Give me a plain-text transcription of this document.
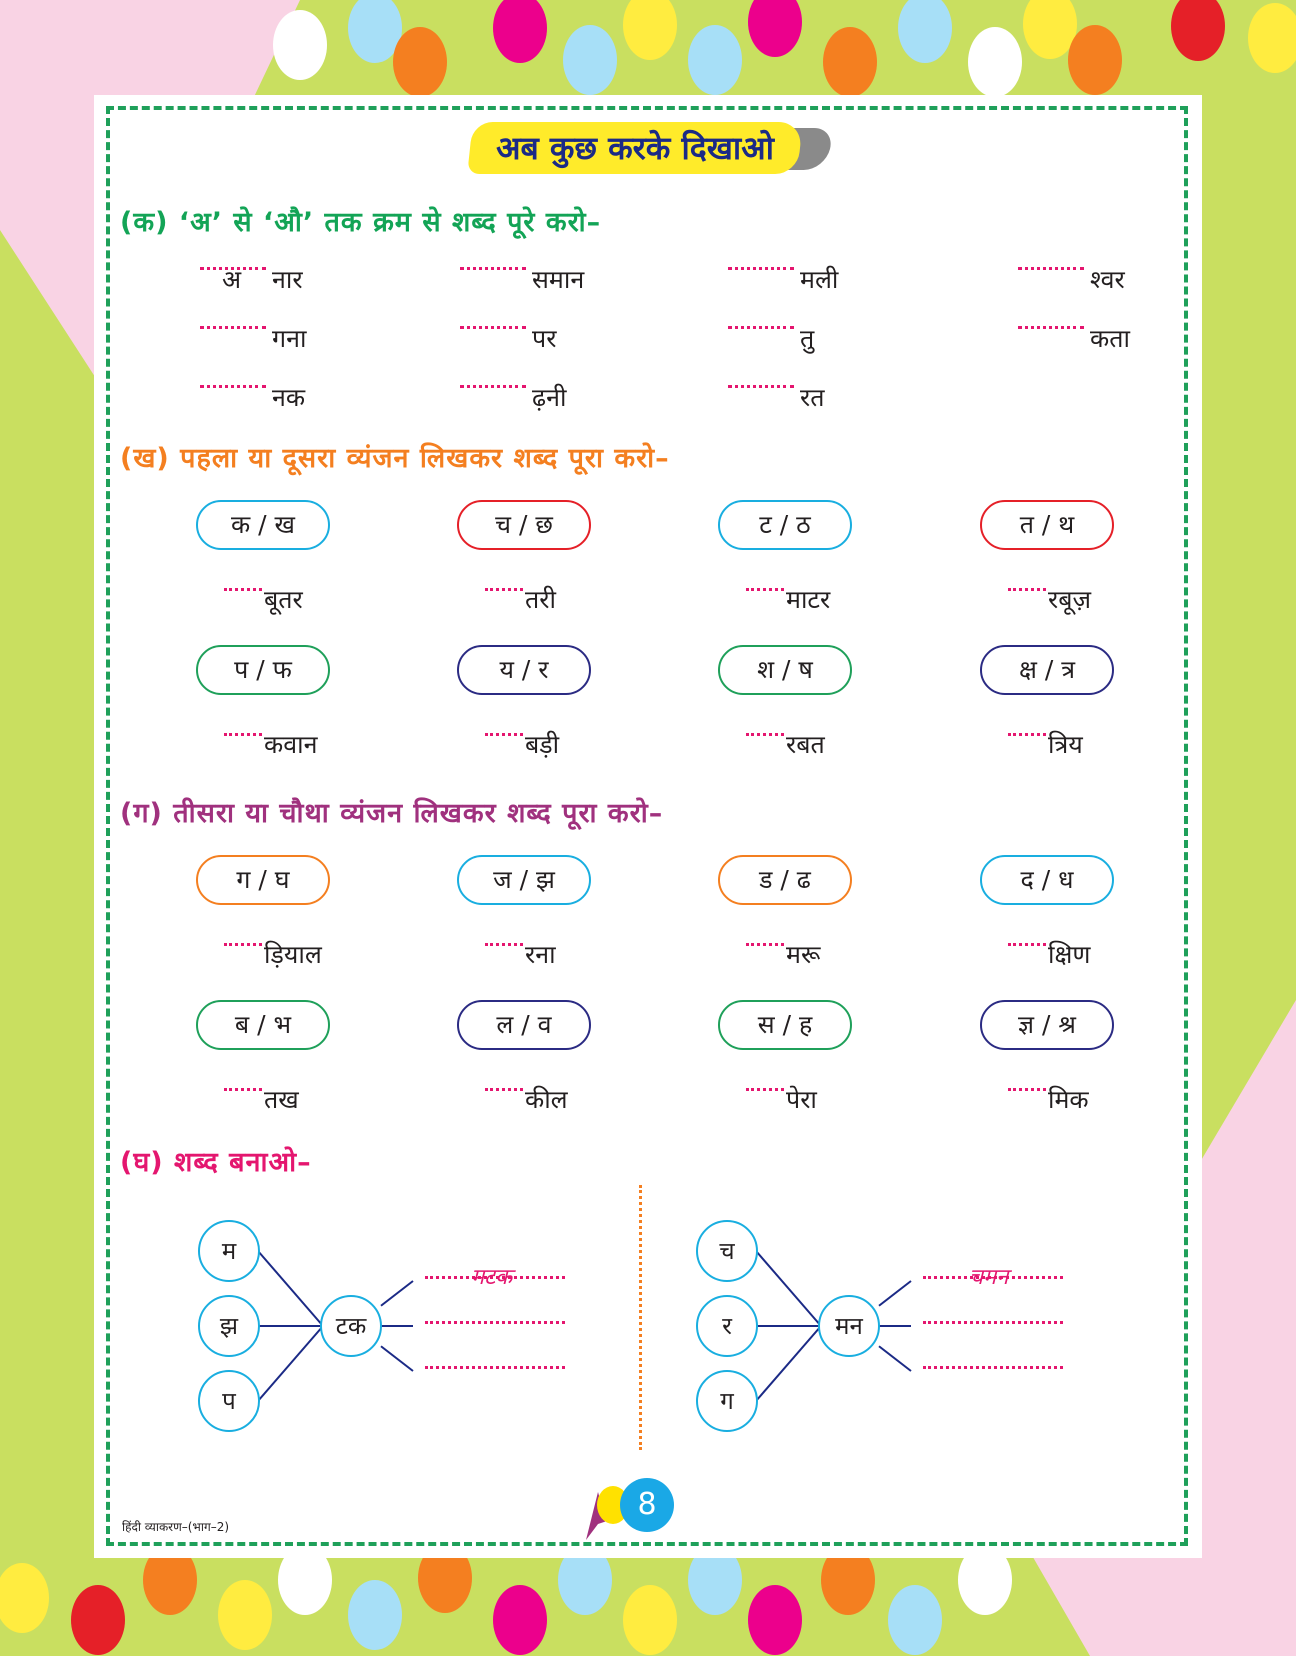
अब कुछ करके दिखाओ
(क) ‘अ’ से ‘औ’ तक क्रम से शब्द पूरे करो–
नार	समान	मली	श्वर
गना	पर	तु	कता
नक	ढ़नी	रत
अ
(ख) पहला या दूसरा व्यंजन लिखकर शब्द पूरा करो–
क / ख
बूतर
च / छ
तरी
ट / ठ
माटर
त / थ
रबूज़
प / फ
कवान
य / र
बड़ी
श / ष
रबत
क्ष / त्र
त्रिय
(ग) तीसरा या चौथा व्यंजन लिखकर शब्द पूरा करो–
ग / घ
ड़ियाल
ज / झ
रना
ड / ढ
मरू
द / ध
क्षिण
ब / भ
तख
ल / व
कील
स / ह
पेरा
ज्ञ / श्र
मिक
(घ) शब्द बनाओ–
म
झ
प
टक
मटक
च
र
ग
मन
चमन
हिंदी व्याकरण–(भाग–2)
8
